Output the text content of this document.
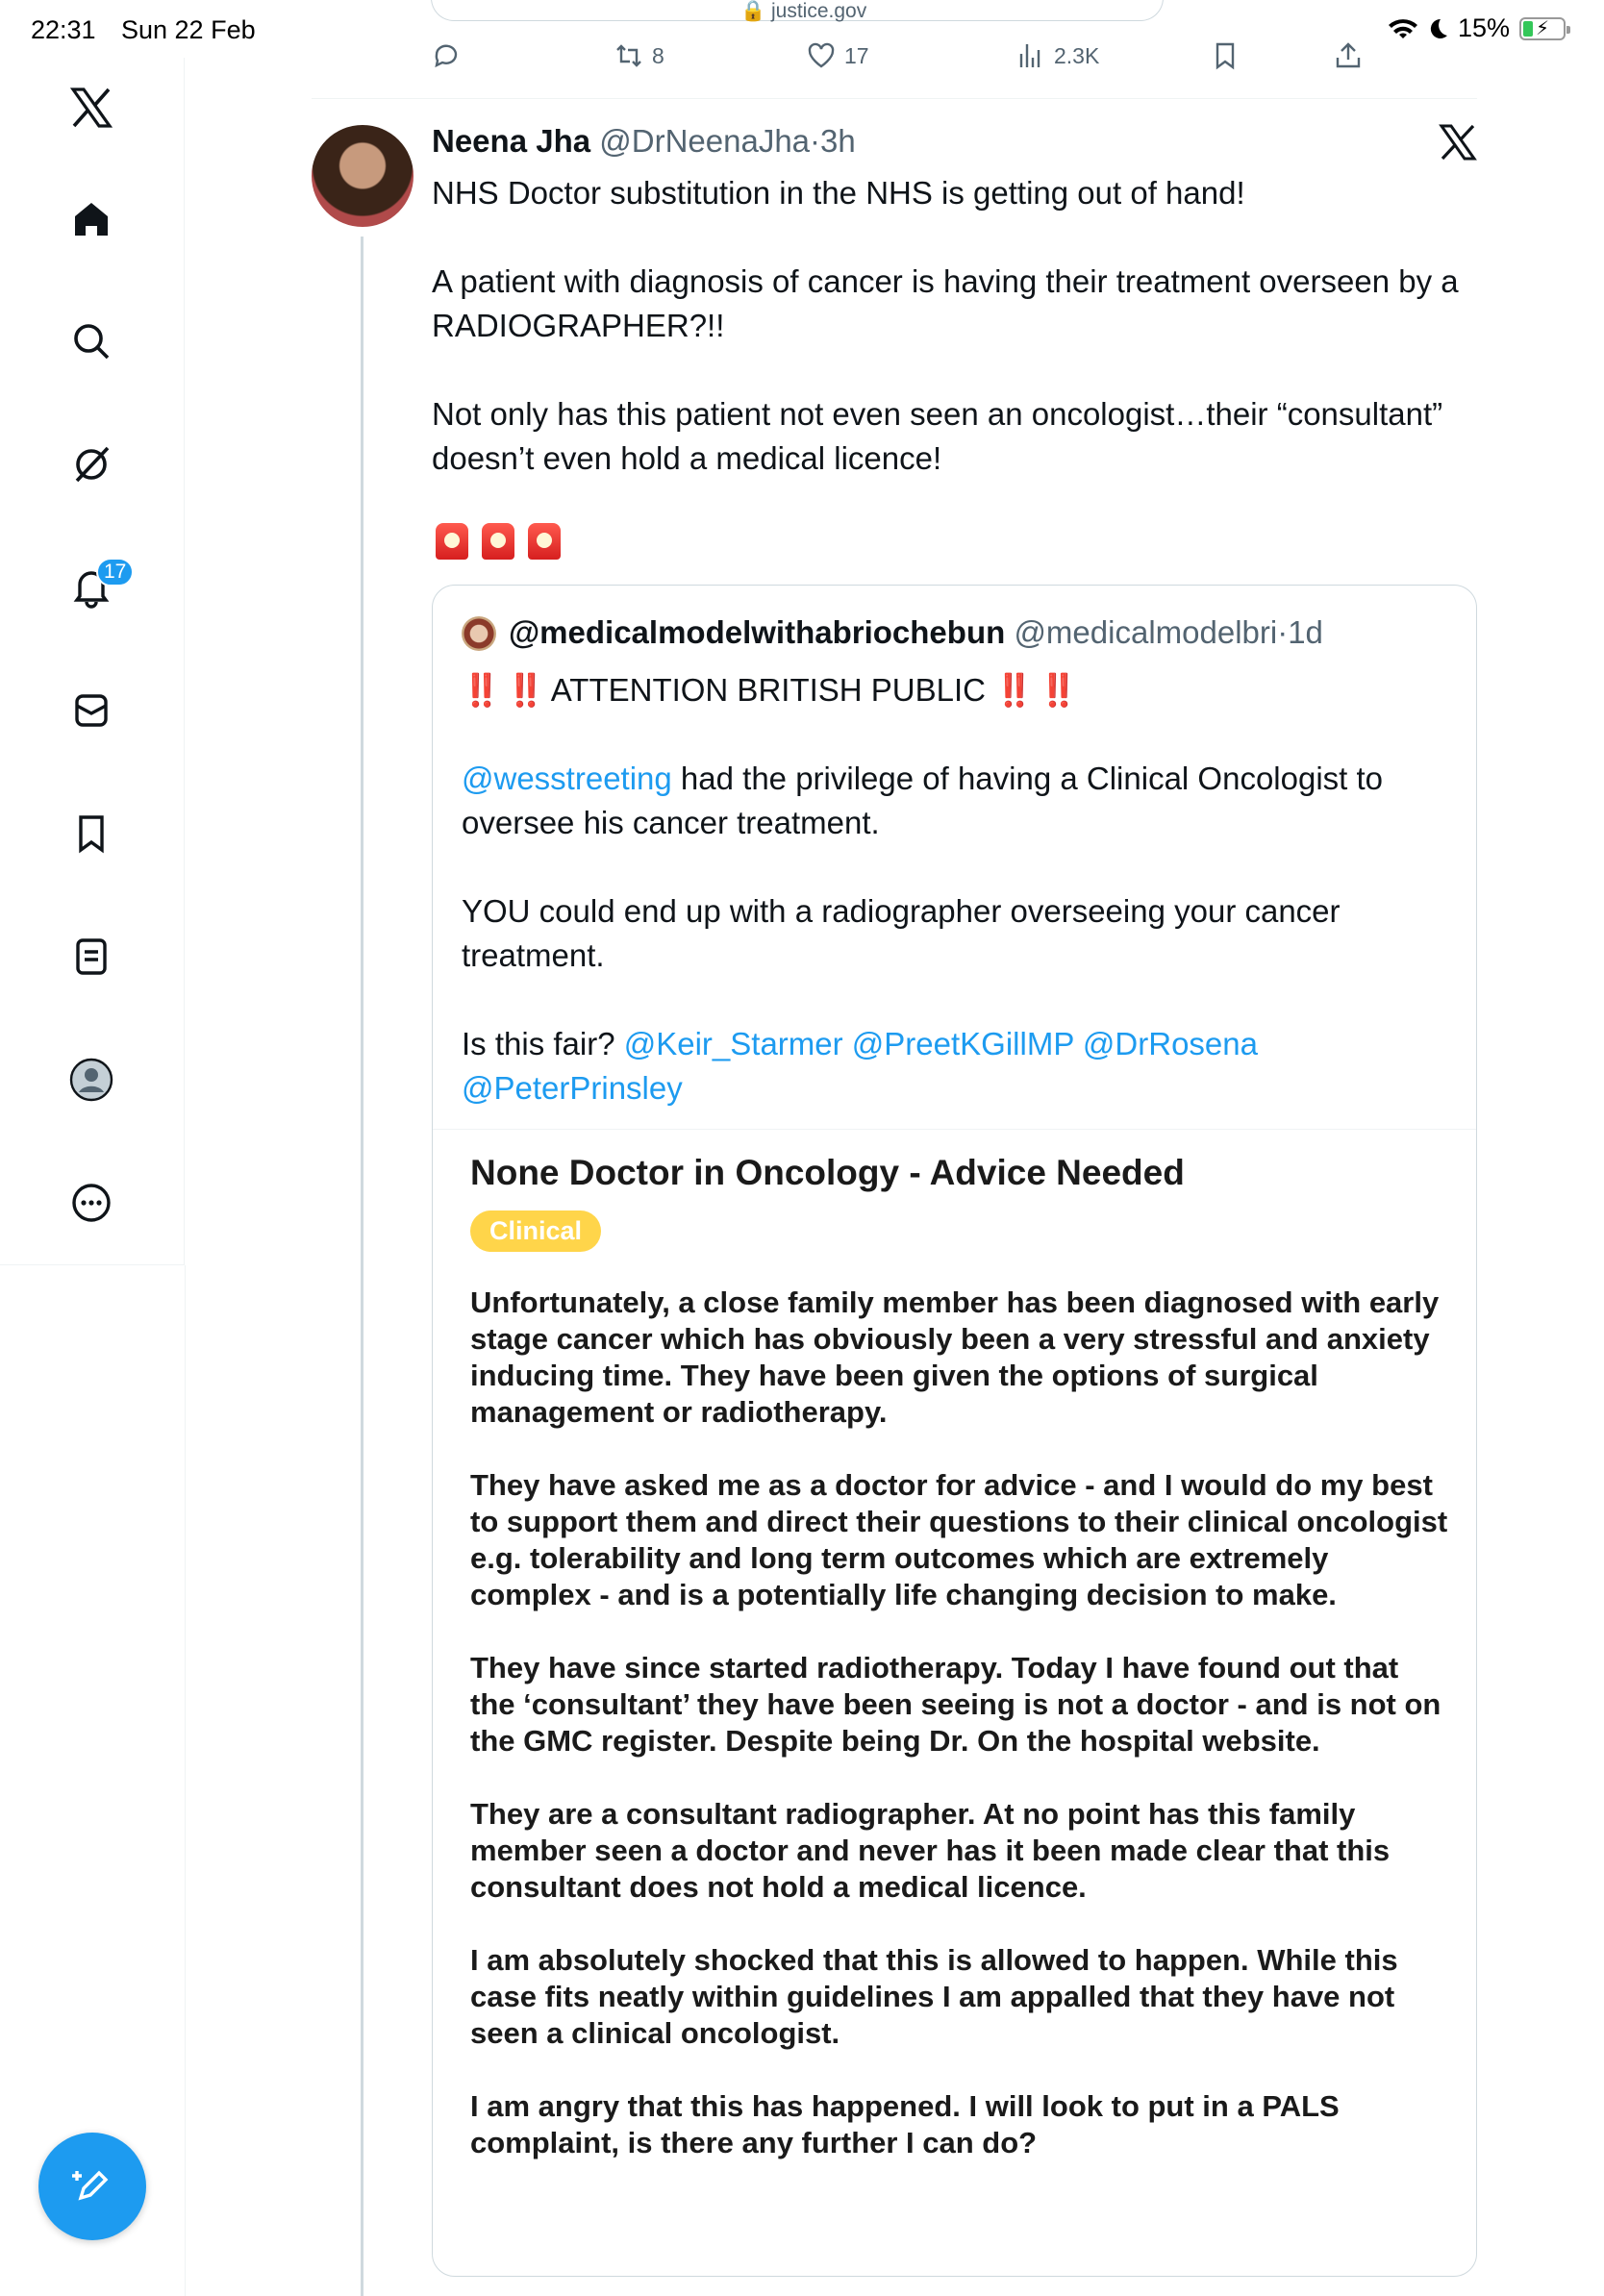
22:31 Sun 22 Feb	15%	⚡
🔒 justice.gov
8	17	2.3K
17
Neena Jha @DrNeenaJha·3h

NHS Doctor substitution in the NHS is getting out of hand!

A patient with diagnosis of cancer is having their treatment overseen by a RADIOGRAPHER?!!

Not only has this patient not even seen an oncologist…their “consultant” doesn’t even hold a medical licence!

@medicalmodelwithabriochebun @medicalmodelbri·1d

‼️ ‼️ ATTENTION BRITISH PUBLIC ‼️ ‼️

@wesstreeting had the privilege of having a Clinical Oncologist to oversee his cancer treatment.

YOU could end up with a radiographer overseeing your cancer treatment.

Is this fair? @Keir_Starmer @PreetKGillMP @DrRosena @PeterPrinsley

None Doctor in Oncology - Advice Needed
Clinical

Unfortunately, a close family member has been diagnosed with early stage cancer which has obviously been a very stressful and anxiety inducing time. They have been given the options of surgical management or radiotherapy.

They have asked me as a doctor for advice - and I would do my best to support them and direct their questions to their clinical oncologist e.g. tolerability and long term outcomes which are extremely complex - and is a potentially life changing decision to make.

They have since started radiotherapy. Today I have found out that the ‘consultant’ they have been seeing is not a doctor - and is not on the GMC register. Despite being Dr. On the hospital website.

They are a consultant radiographer. At no point has this family member seen a doctor and never has it been made clear that this consultant does not hold a medical licence.

I am absolutely shocked that this is allowed to happen. While this case fits neatly within guidelines I am appalled that they have not seen a clinical oncologist.

I am angry that this has happened. I will look to put in a PALS complaint, is there any further I can do?
